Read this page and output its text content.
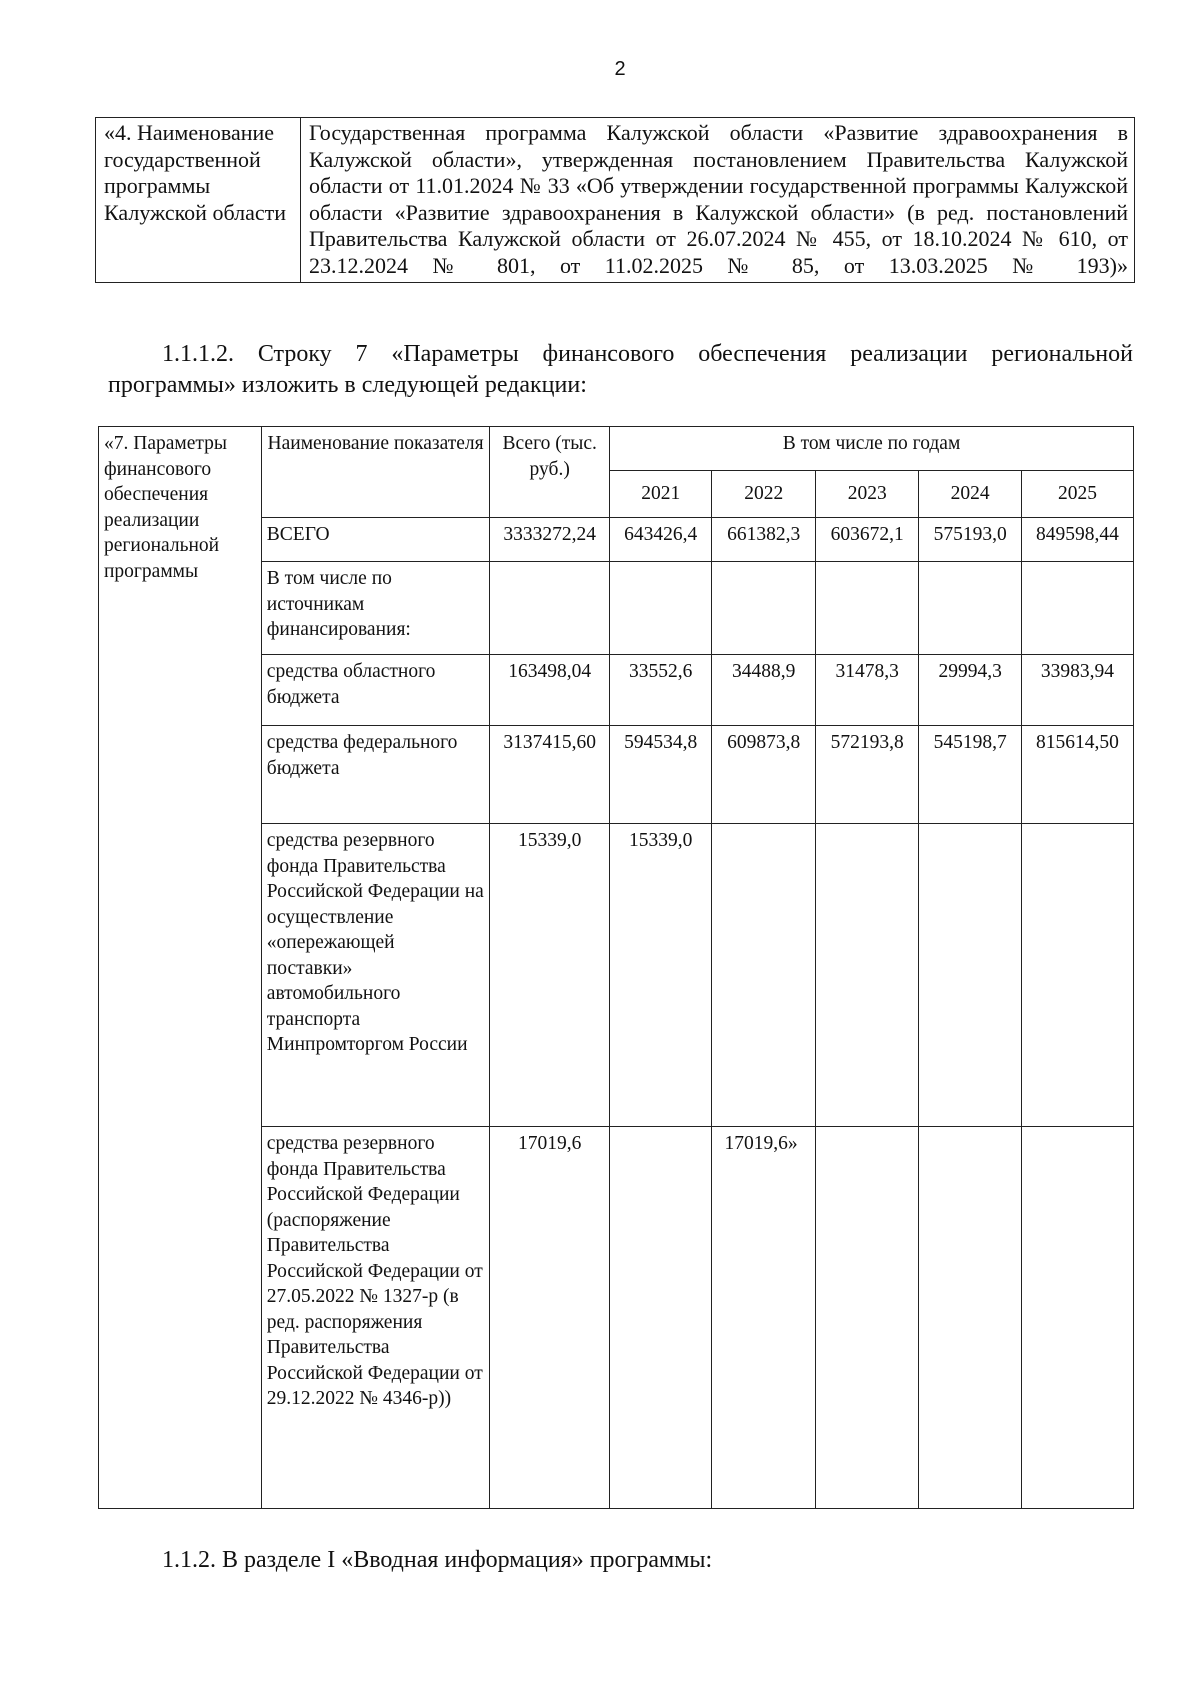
2
«4. Наименование государственной программы Калужской области	Государственная программа Калужской области «Развитие здравоохранения в Калужской области», утвержденная постановлением Правительства Калужской области от 11.01.2024 № 33 «Об утверждении государственной программы Калужской области «Развитие здравоохранения в Калужской области» (в ред. постановлений Правительства Калужской области от 26.07.2024 № 455, от 18.10.2024 № 610, от 23.12.2024 № 801, от 11.02.2025 № 85, от 13.03.2025 № 193)»
1.1.1.2. Строку 7 «Параметры финансового обеспечения реализации региональной программы» изложить в следующей редакции:
«7. Параметры финансового обеспечения реализации региональной программы	Наименование показателя	Всего (тыс. руб.)	В том числе по годам				
			2021	2022	2023	2024	2025
	ВСЕГО	3333272,24	643426,4	661382,3	603672,1	575193,0	849598,44
	В том числе по источникам финансирования:						
	средства областного бюджета	163498,04	33552,6	34488,9	31478,3	29994,3	33983,94
	средства федерального бюджета	3137415,60	594534,8	609873,8	572193,8	545198,7	815614,50
	средства резервного фонда Правительства Российской Федерации на осуществление «опережающей поставки» автомобильного транспорта Минпромторгом России	15339,0	15339,0				
	средства резервного фонда Правительства Российской Федерации (распоряжение Правительства Российской Федерации от 27.05.2022 № 1327-р (в ред. распоряжения Правительства Российской Федерации от 29.12.2022 № 4346-р))	17019,6		17019,6»			
1.1.2. В разделе I «Вводная информация» программы:
